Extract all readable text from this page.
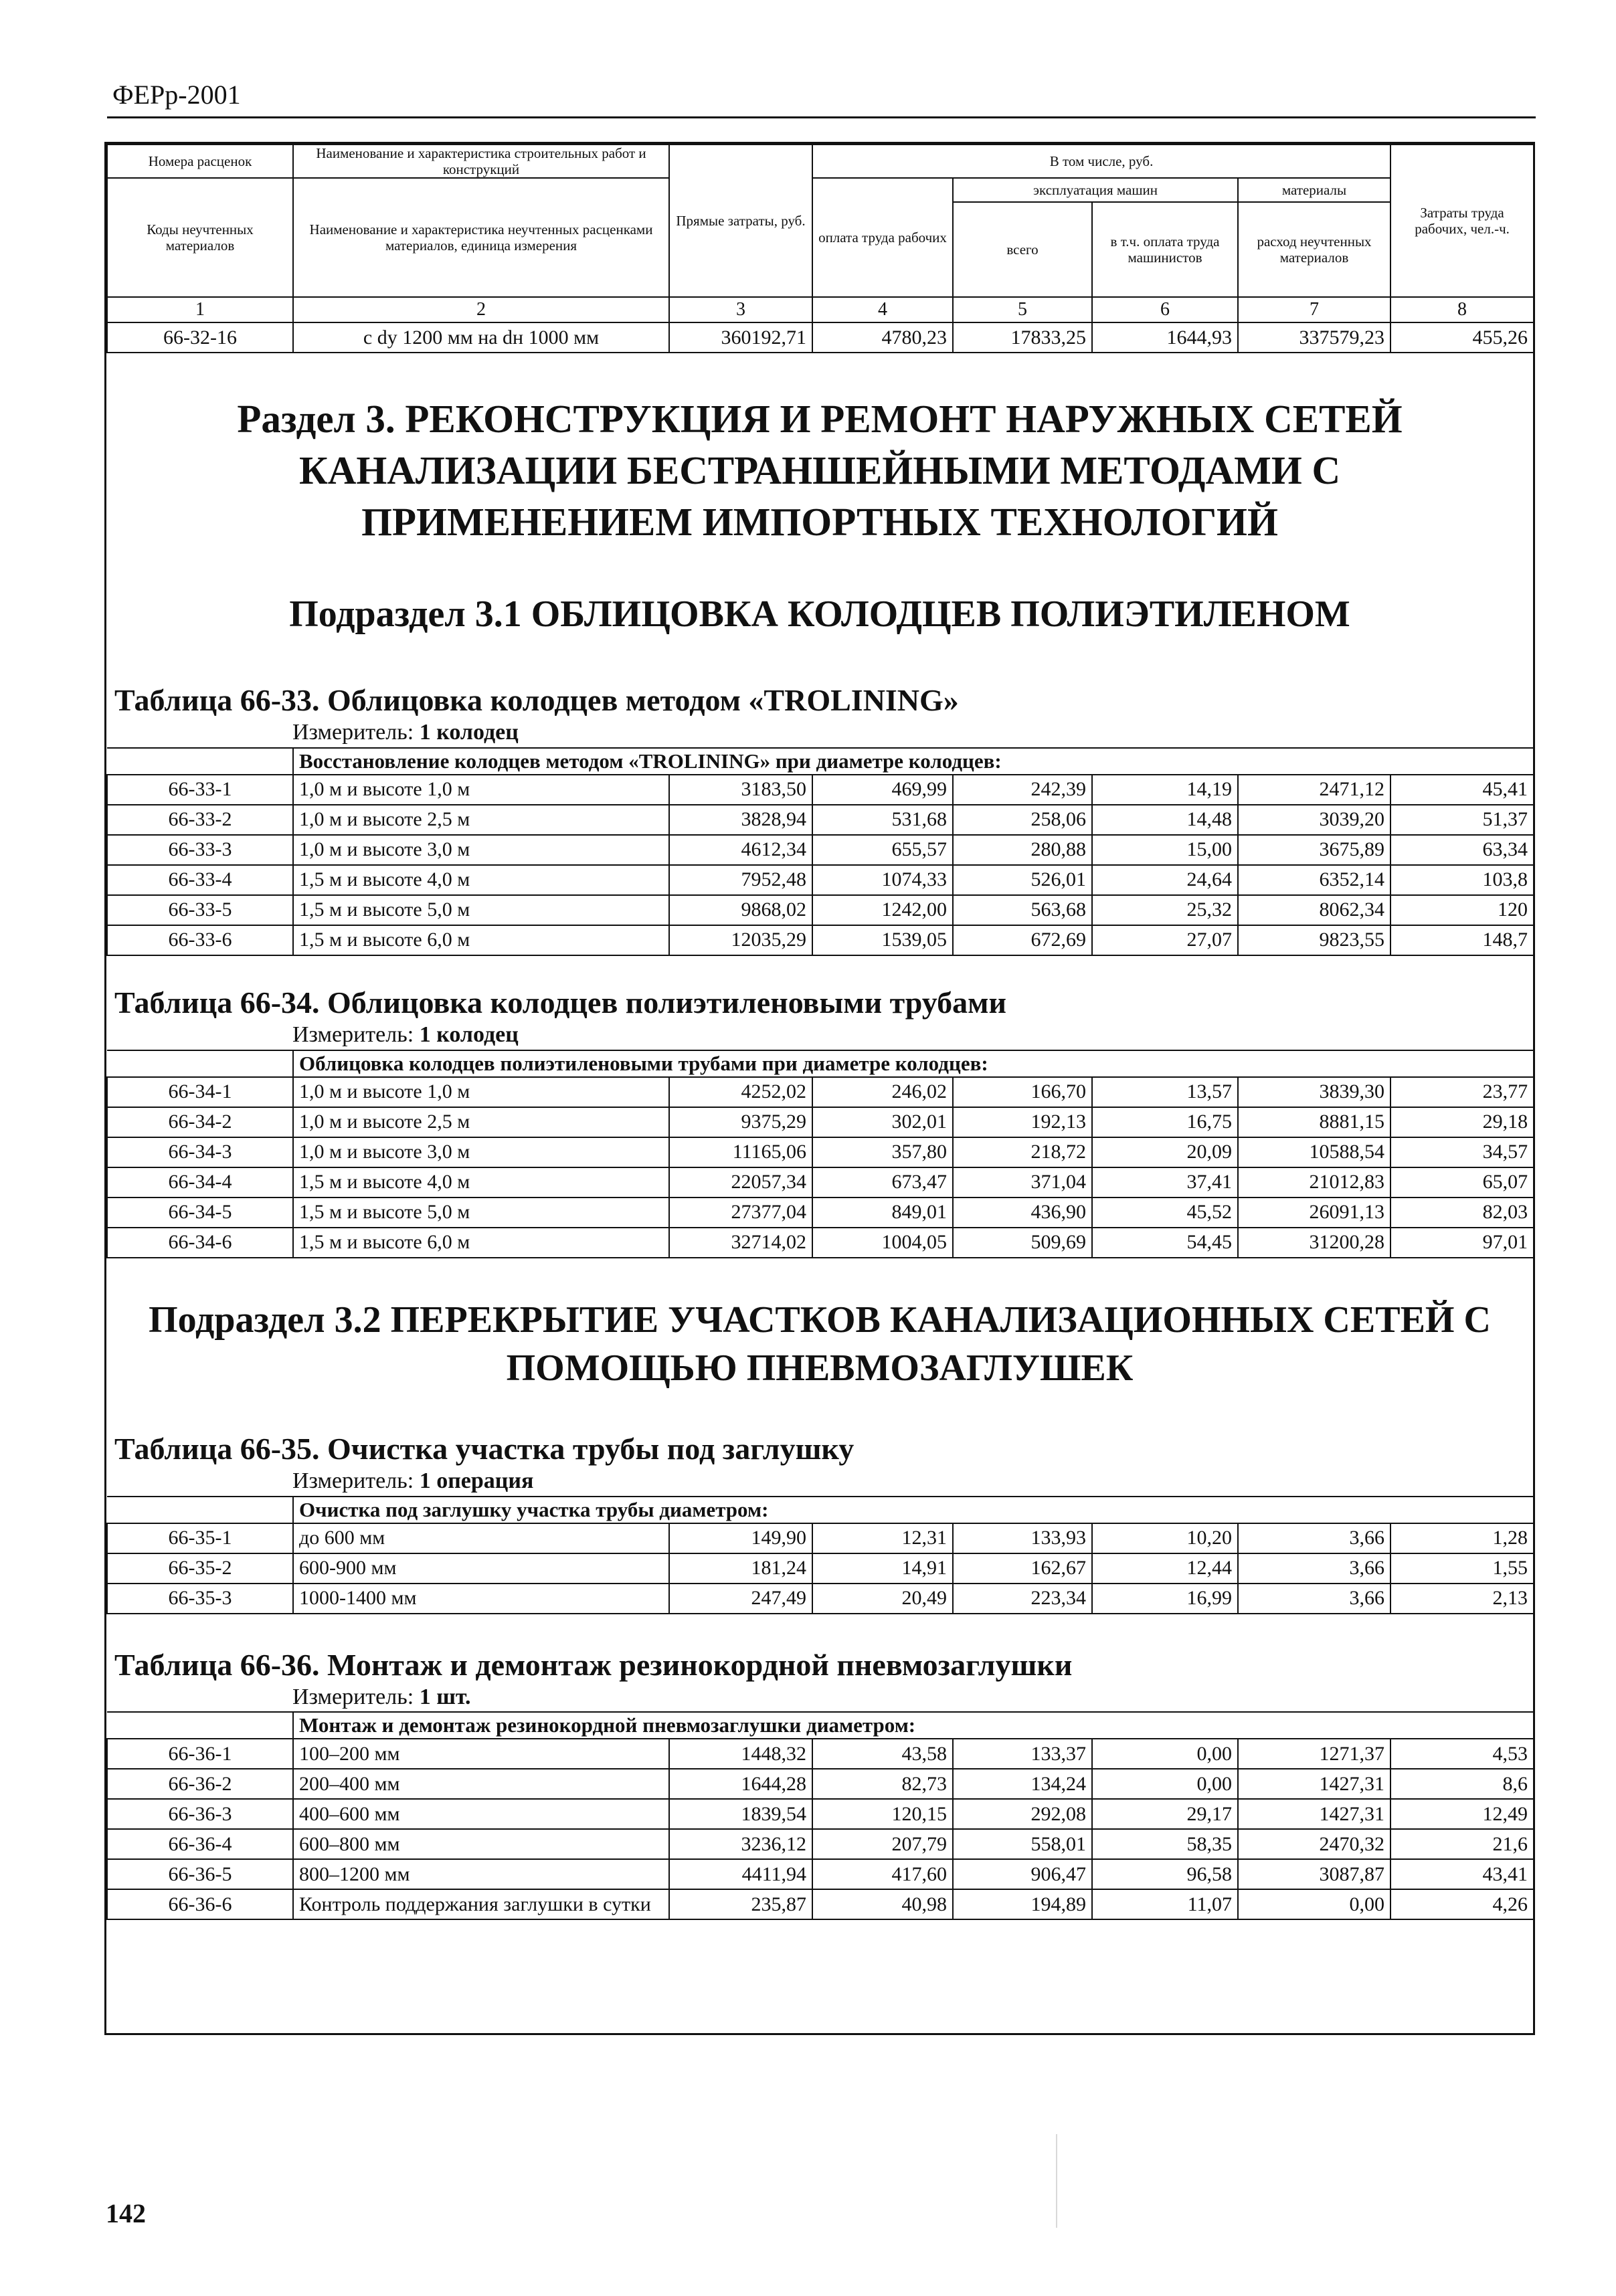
ФЕРр-2001
Номера расценок	Наименование и характеристика строительных работ и конструкций	Прямые затраты, руб.	В том числе, руб.				Затраты труда рабочих, чел.-ч.
Коды неучтенных материалов	Наименование и характеристика неучтенных расценками материалов, единица измерения		оплата труда рабочих	эксплуатация машин		материалы	
				всего	в т.ч. оплата труда машинистов	расход неучтенных материалов	
1	2	3	4	5	6	7	8
66-32-16	с dу 1200 мм на dн 1000 мм	360192,71	4780,23	17833,25	1644,93	337579,23	455,26
Раздел 3. РЕКОНСТРУКЦИЯ И РЕМОНТ НАРУЖНЫХ СЕТЕЙ КАНАЛИЗАЦИИ БЕСТРАНШЕЙНЫМИ МЕТОДАМИ С ПРИМЕНЕНИЕМ ИМПОРТНЫХ ТЕХНОЛОГИЙ
Подраздел 3.1 ОБЛИЦОВКА КОЛОДЦЕВ ПОЛИЭТИЛЕНОМ
Таблица 66-33. Облицовка колодцев методом «TROLINING»
Измеритель: 1 колодец
	Восстановление колодцев методом «TROLINING» при диаметре колодцев:						
66-33-1	1,0 м и высоте 1,0 м	3183,50	469,99	242,39	14,19	2471,12	45,41
66-33-2	1,0 м и высоте 2,5 м	3828,94	531,68	258,06	14,48	3039,20	51,37
66-33-3	1,0 м и высоте 3,0 м	4612,34	655,57	280,88	15,00	3675,89	63,34
66-33-4	1,5 м и высоте 4,0 м	7952,48	1074,33	526,01	24,64	6352,14	103,8
66-33-5	1,5 м и высоте 5,0 м	9868,02	1242,00	563,68	25,32	8062,34	120
66-33-6	1,5 м и высоте 6,0 м	12035,29	1539,05	672,69	27,07	9823,55	148,7
Таблица 66-34. Облицовка колодцев полиэтиленовыми трубами
Измеритель: 1 колодец
	Облицовка колодцев полиэтиленовыми трубами при диаметре колодцев:						
66-34-1	1,0 м и высоте 1,0 м	4252,02	246,02	166,70	13,57	3839,30	23,77
66-34-2	1,0 м и высоте 2,5 м	9375,29	302,01	192,13	16,75	8881,15	29,18
66-34-3	1,0 м и высоте 3,0 м	11165,06	357,80	218,72	20,09	10588,54	34,57
66-34-4	1,5 м и высоте 4,0 м	22057,34	673,47	371,04	37,41	21012,83	65,07
66-34-5	1,5 м и высоте 5,0 м	27377,04	849,01	436,90	45,52	26091,13	82,03
66-34-6	1,5 м и высоте 6,0 м	32714,02	1004,05	509,69	54,45	31200,28	97,01
Подраздел 3.2 ПЕРЕКРЫТИЕ УЧАСТКОВ КАНАЛИЗАЦИОННЫХ СЕТЕЙ С ПОМОЩЬЮ ПНЕВМОЗАГЛУШЕК
Таблица 66-35. Очистка участка трубы под заглушку
Измеритель: 1 операция
	Очистка под заглушку участка трубы диаметром:						
66-35-1	до 600 мм	149,90	12,31	133,93	10,20	3,66	1,28
66-35-2	600-900 мм	181,24	14,91	162,67	12,44	3,66	1,55
66-35-3	1000-1400 мм	247,49	20,49	223,34	16,99	3,66	2,13
Таблица 66-36. Монтаж и демонтаж резинокордной пневмозаглушки
Измеритель: 1 шт.
	Монтаж и демонтаж резинокордной пневмозаглушки диаметром:						
66-36-1	100–200 мм	1448,32	43,58	133,37	0,00	1271,37	4,53
66-36-2	200–400 мм	1644,28	82,73	134,24	0,00	1427,31	8,6
66-36-3	400–600 мм	1839,54	120,15	292,08	29,17	1427,31	12,49
66-36-4	600–800 мм	3236,12	207,79	558,01	58,35	2470,32	21,6
66-36-5	800–1200 мм	4411,94	417,60	906,47	96,58	3087,87	43,41
66-36-6	Контроль поддержания заглушки в сутки	235,87	40,98	194,89	11,07	0,00	4,26
142
